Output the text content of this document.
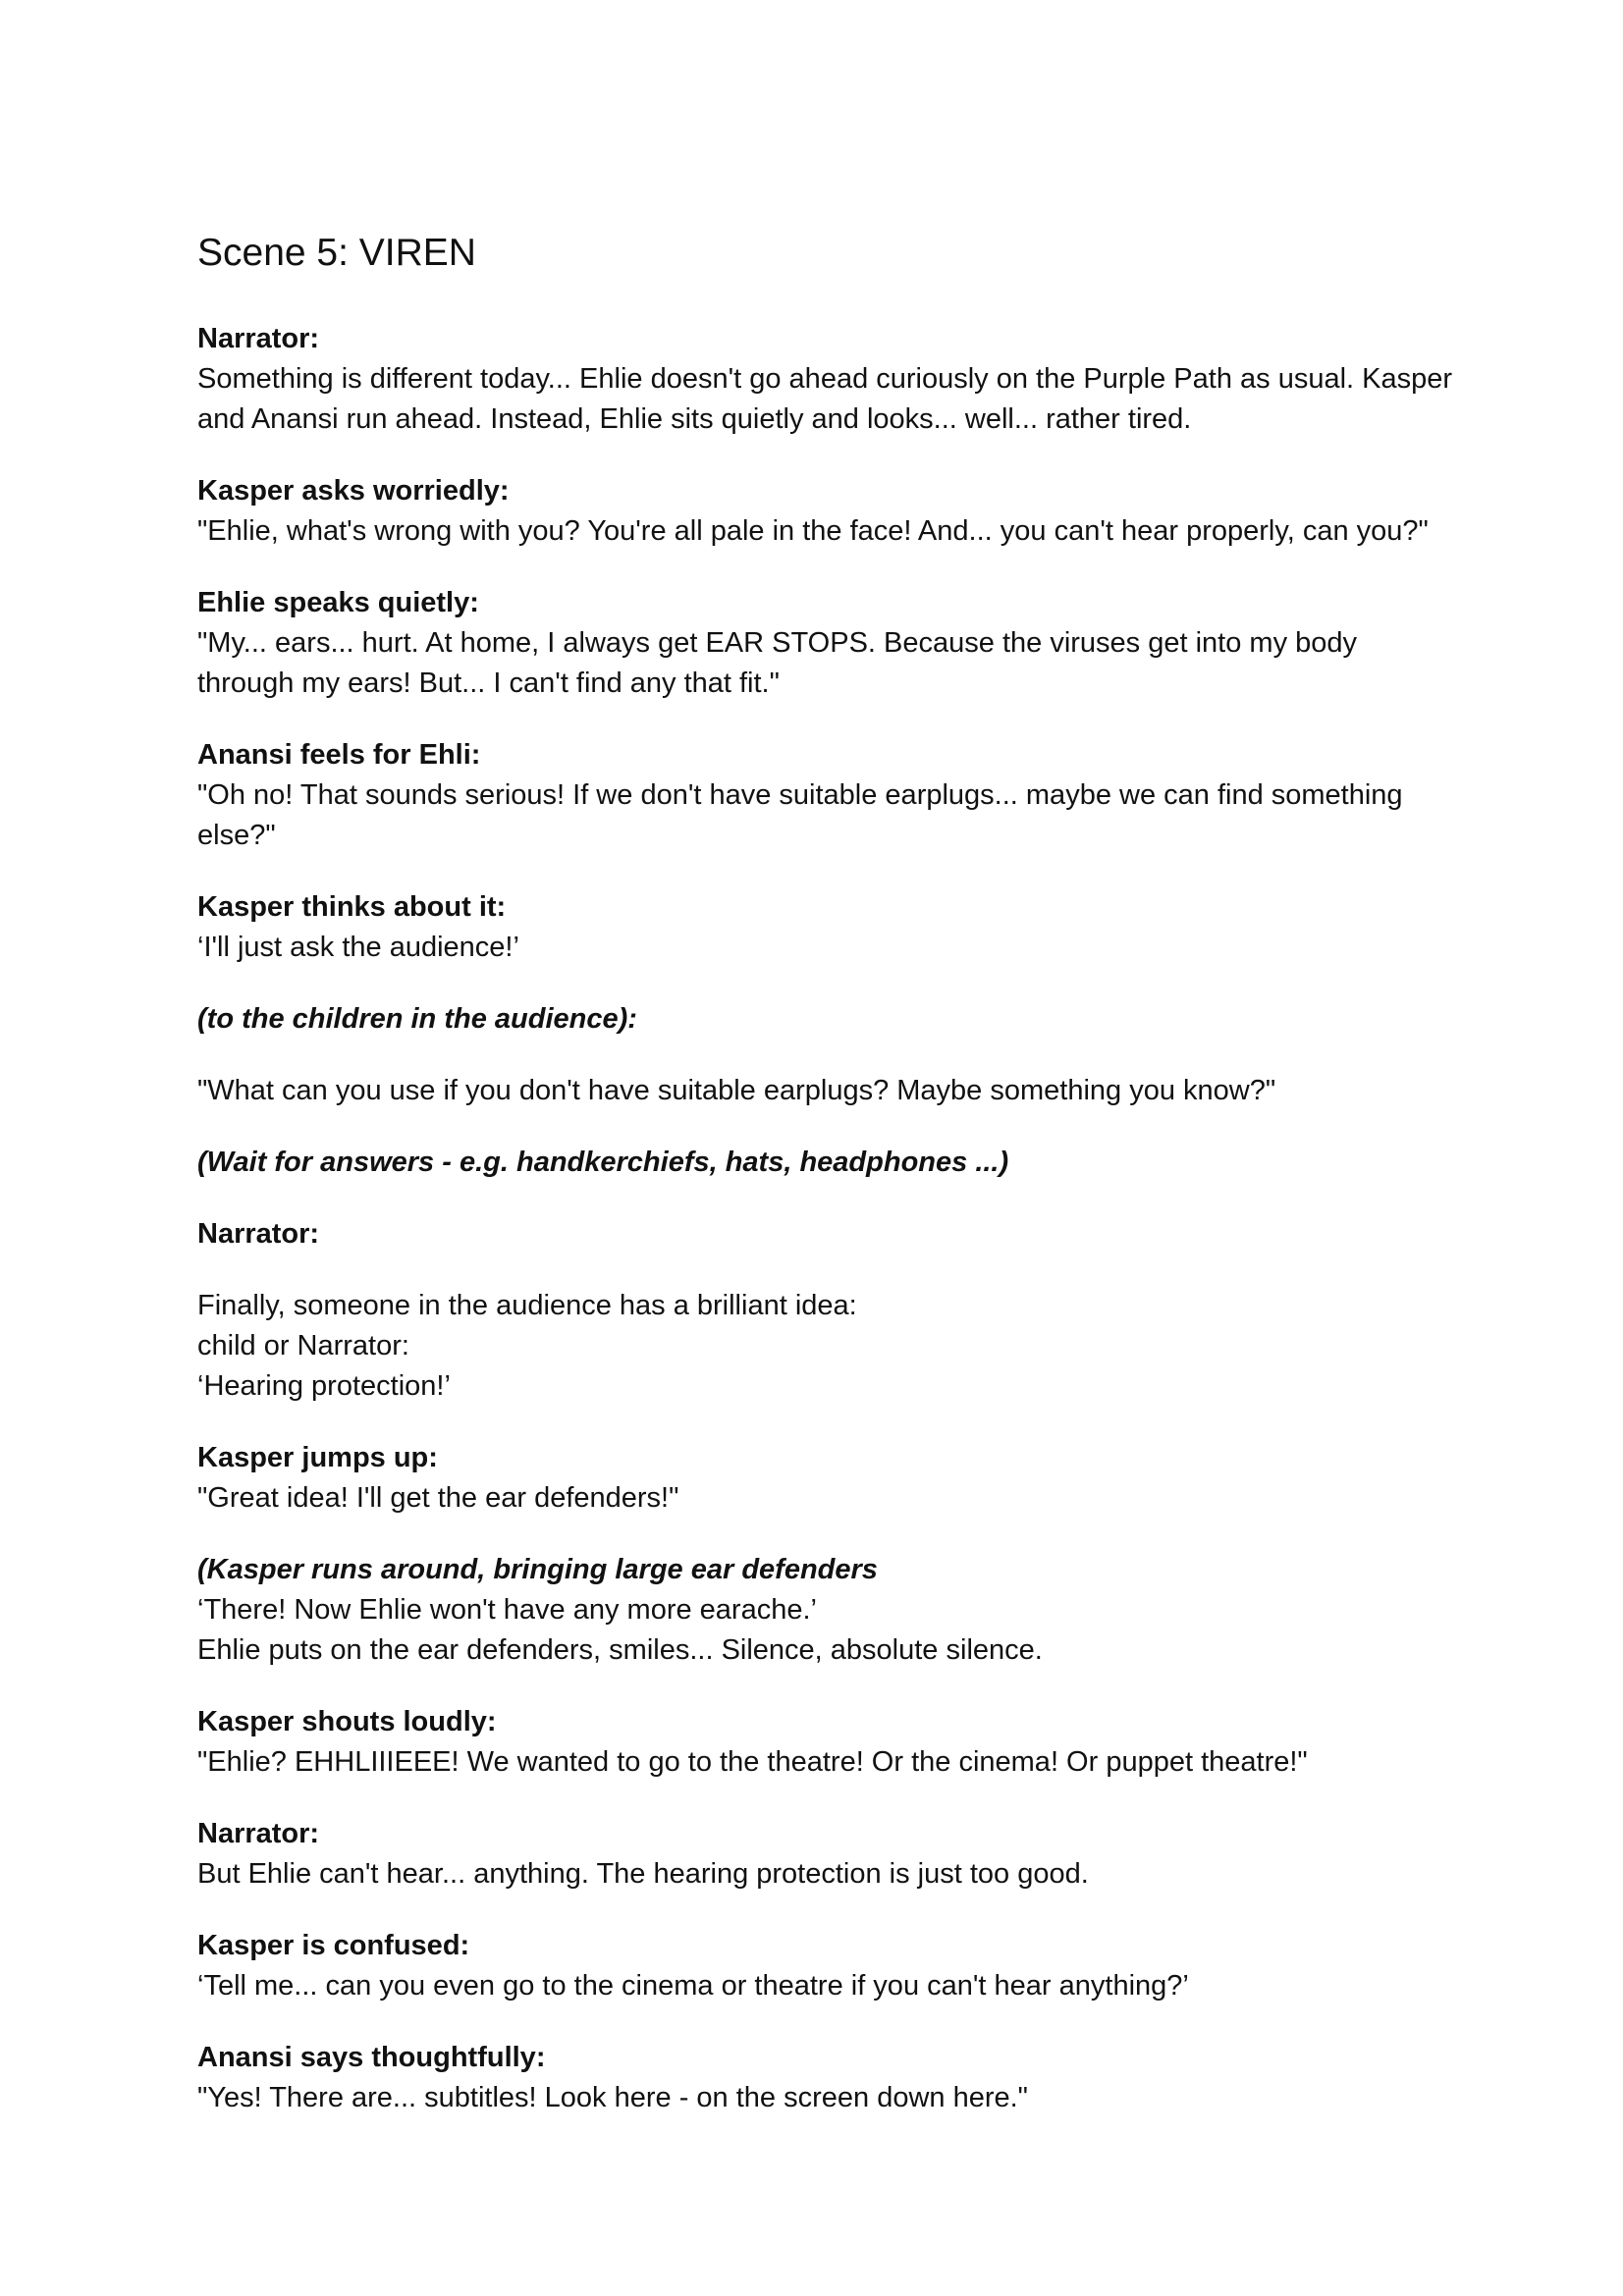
Scene 5: VIREN
Narrator:
Something is different today... Ehlie doesn't go ahead curiously on the Purple Path as usual. Kasper and Anansi run ahead. Instead, Ehlie sits quietly and looks... well... rather tired.
Kasper asks worriedly:
"Ehlie, what's wrong with you? You're all pale in the face! And... you can't hear properly, can you?"
Ehlie speaks quietly:
"My... ears... hurt. At home, I always get EAR STOPS. Because the viruses get into my body through my ears! But... I can't find any that fit."
Anansi feels for Ehli:
"Oh no! That sounds serious! If we don't have suitable earplugs... maybe we can find something else?"
Kasper thinks about it:
‘I'll just ask the audience!’
(to the children in the audience):
"What can you use if you don't have suitable earplugs? Maybe something you know?"
(Wait for answers - e.g. handkerchiefs, hats, headphones ...)
Narrator:
Finally, someone in the audience has a brilliant idea:
child or Narrator:
‘Hearing protection!’
Kasper jumps up:
"Great idea! I'll get the ear defenders!"
(Kasper runs around, bringing large ear defenders
‘There! Now Ehlie won't have any more earache.’
Ehlie puts on the ear defenders, smiles... Silence, absolute silence.
Kasper shouts loudly:
"Ehlie? EHHLIIIEEE! We wanted to go to the theatre! Or the cinema! Or puppet theatre!"
Narrator:
But Ehlie can't hear... anything. The hearing protection is just too good.
Kasper is confused:
‘Tell me... can you even go to the cinema or theatre if you can't hear anything?’
Anansi says thoughtfully:
"Yes! There are... subtitles! Look here - on the screen down here."
